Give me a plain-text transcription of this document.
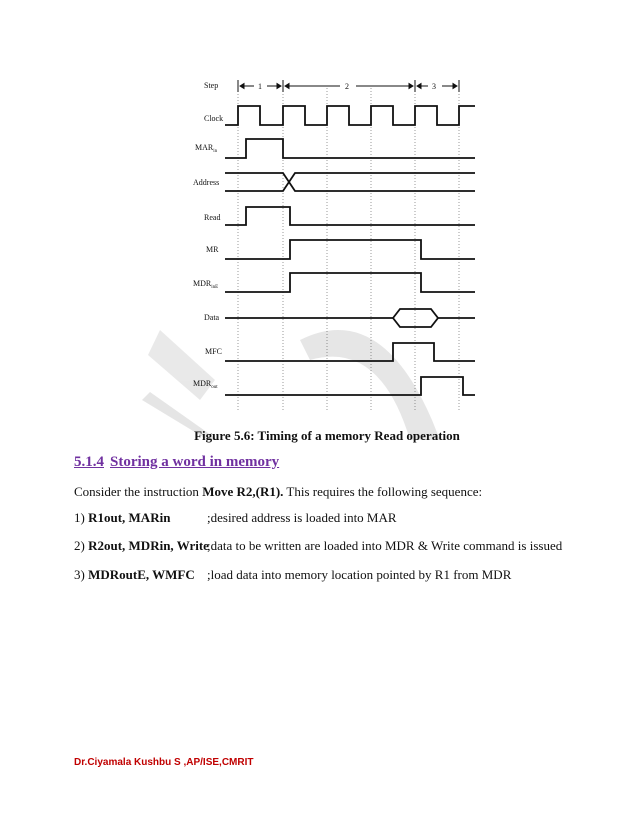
Step
Clock
$MAR_{in}$
Address
Read
MR
$MDR_{inE}$
Data
MFC
$MDR_{out}$
1	2	3
Figure 5.6: Timing of a memory Read operation
5.1.4 Storing a word in memory
Consider the instruction Move R2,(R1). This requires the following sequence:
1) R1out, MARin	;desired address is loaded into MAR
2) R2out, MDRin, Write;data to be written are loaded into MDR & Write command is issued
3) MDRoutE, WMFC ;load data into memory location pointed by R1 from MDR
Dr.Ciyamala Kushbu S ,AP/ISE,CMRIT
